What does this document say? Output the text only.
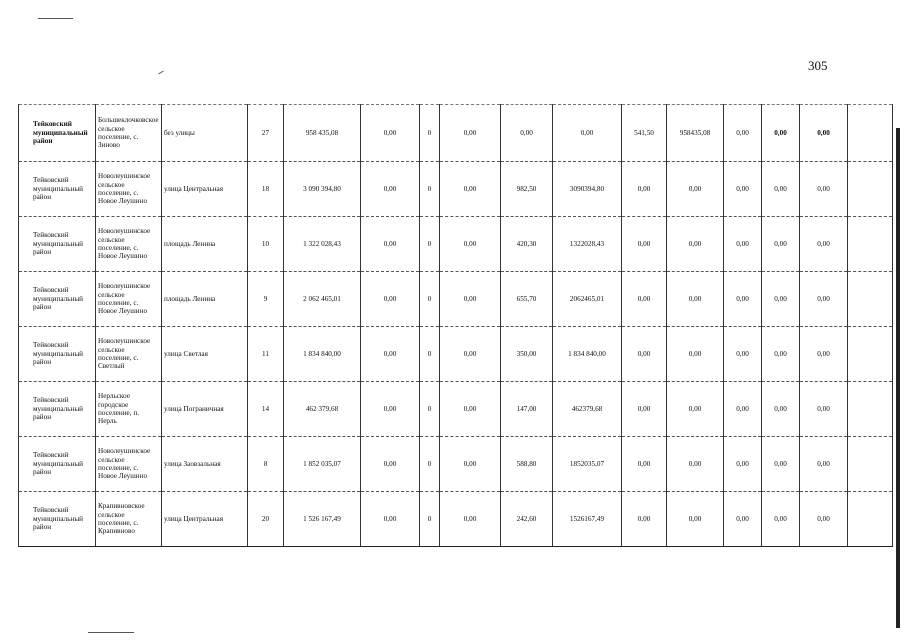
305
Тейковский муниципальный район	Большеклочковское сельское поселение, с. Зиново	без улицы	27	958 435,08	0,00	0	0,00	0,00	0,00	541,50	958435,08	0,00	0,00	0,00	
Тейковский муниципальный район	Новолеушинское сельское поселение, с. Новое Леушино	улица Центральная	18	3 090 394,80	0,00	0	0,00	982,50	3090394,80	0,00	0,00	0,00	0,00	0,00	
Тейковский муниципальный район	Новолеушинское сельское поселение, с. Новое Леушино	площадь Ленина	10	1 322 028,43	0,00	0	0,00	420,30	1322028,43	0,00	0,00	0,00	0,00	0,00	
Тейковский муниципальный район	Новолеушинское сельское поселение, с. Новое Леушино	площадь Ленина	9	2 062 465,01	0,00	0	0,00	655,70	2062465,01	0,00	0,00	0,00	0,00	0,00	
Тейковский муниципальный район	Новолеушинское сельское поселение, с. Светлый	улица Светлая	11	1 834 840,00	0,00	0	0,00	350,00	1 834 840,00	0,00	0,00	0,00	0,00	0,00	
Тейковский муниципальный район	Нерльское городское поселение, п. Нерль	улица Пограничная	14	462 379,68	0,00	0	0,00	147,00	462379,68	0,00	0,00	0,00	0,00	0,00	
Тейковский муниципальный район	Новолеушинское сельское поселение, с. Новое Леушино	улица Заовзальная	8	1 852 035,07	0,00	0	0,00	588,80	1852035,07	0,00	0,00	0,00	0,00	0,00	
Тейковский муниципальный район	Крапивновское сельское поселение, с. Крапивново	улица Центральная	20	1 526 167,49	0,00	0	0,00	242,60	1526167,49	0,00	0,00	0,00	0,00	0,00	
